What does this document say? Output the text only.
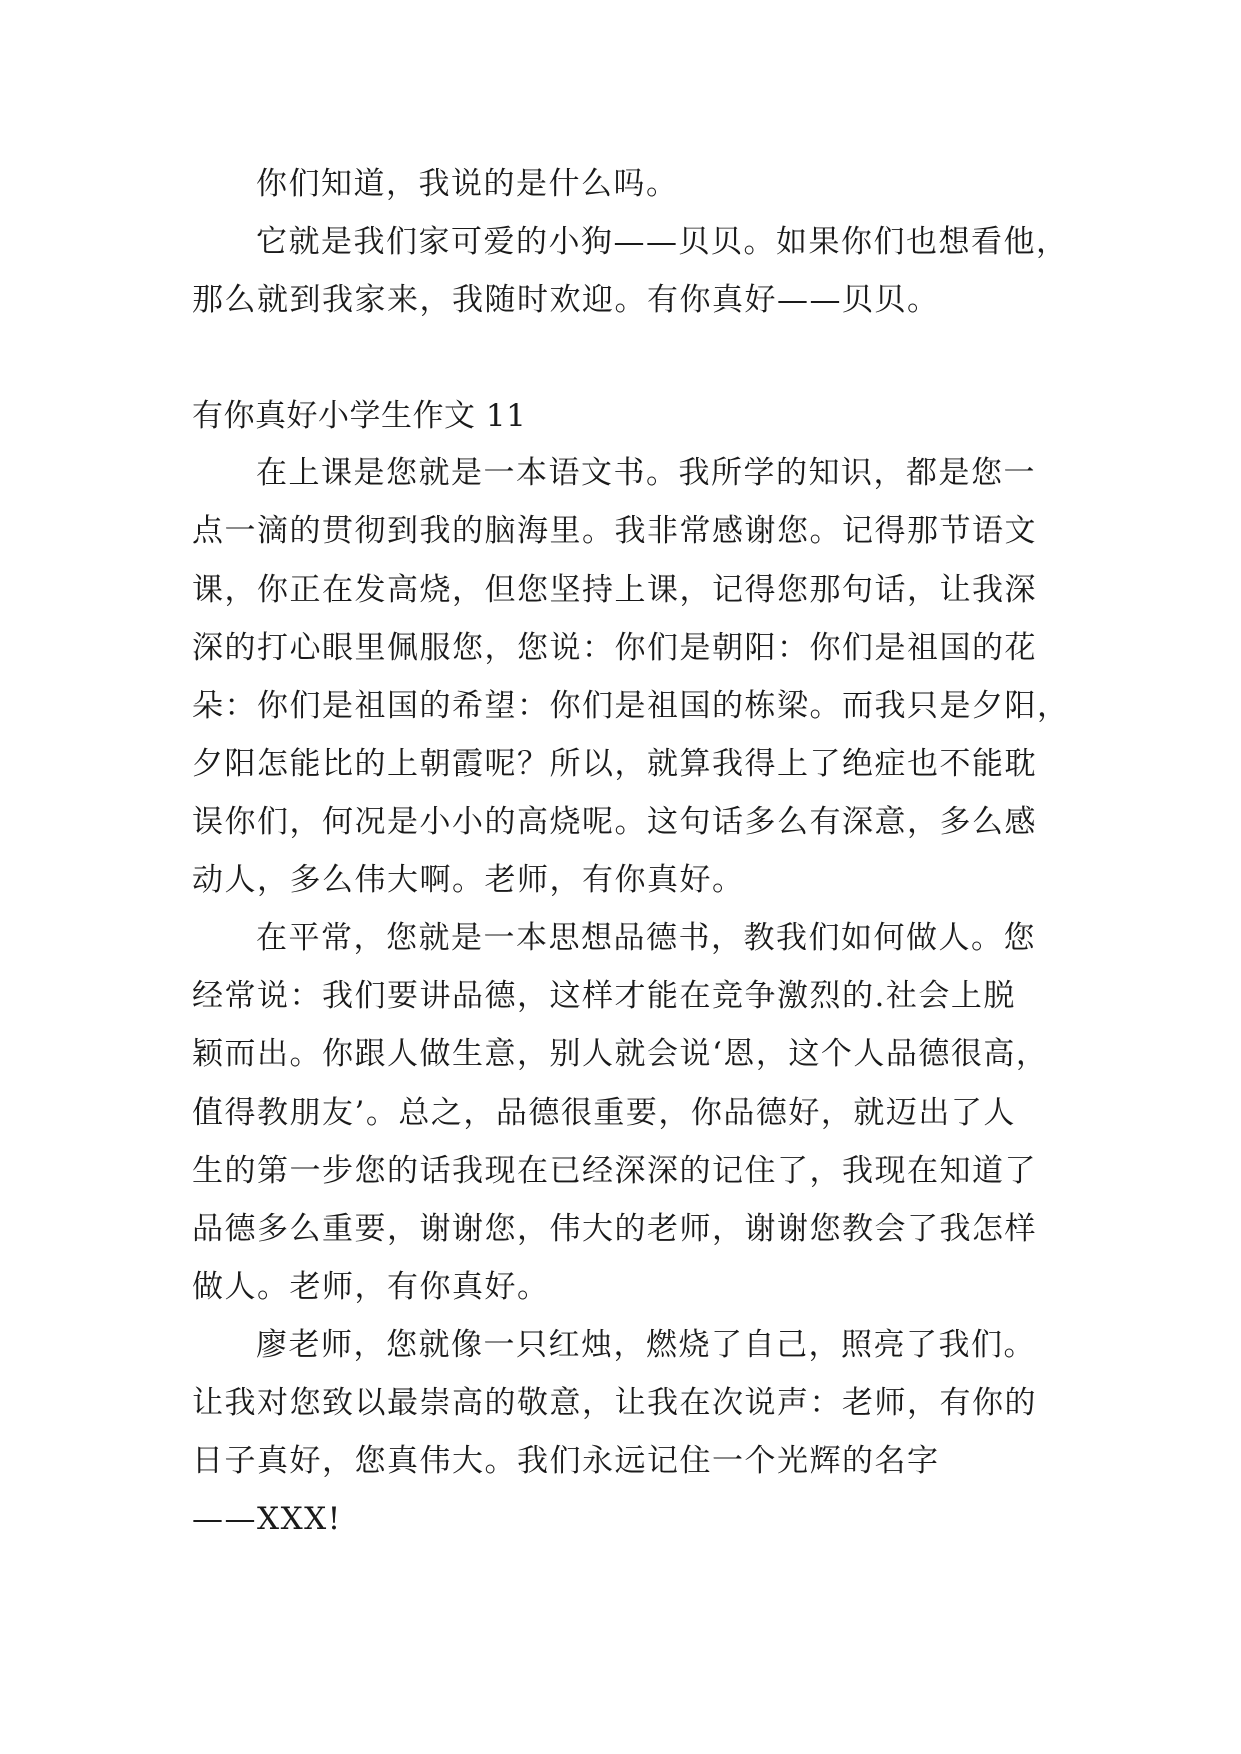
你们知道，我说的是什么吗。
它就是我们家可爱的小狗——贝贝。如果你们也想看他，
那么就到我家来，我随时欢迎。有你真好——贝贝。
有你真好小学生作文 11
在上课是您就是一本语文书。我所学的知识，都是您一
点一滴的贯彻到我的脑海里。我非常感谢您。记得那节语文
课，你正在发高烧，但您坚持上课，记得您那句话，让我深
深的打心眼里佩服您，您说：你们是朝阳：你们是祖国的花
朵：你们是祖国的希望：你们是祖国的栋梁。而我只是夕阳，
夕阳怎能比的上朝霞呢？所以，就算我得上了绝症也不能耽
误你们，何况是小小的高烧呢。这句话多么有深意，多么感
动人，多么伟大啊。老师，有你真好。
在平常，您就是一本思想品德书，教我们如何做人。您
经常说：我们要讲品德，这样才能在竞争激烈的.社会上脱
颖而出。你跟人做生意，别人就会说‘恩，这个人品德很高，
值得教朋友’。总之，品德很重要，你品德好，就迈出了人
生的第一步您的话我现在已经深深的记住了，我现在知道了
品德多么重要，谢谢您，伟大的老师，谢谢您教会了我怎样
做人。老师，有你真好。
廖老师，您就像一只红烛，燃烧了自己，照亮了我们。
让我对您致以最崇高的敬意，让我在次说声：老师，有你的
日子真好，您真伟大。我们永远记住一个光辉的名字
——XXX!
